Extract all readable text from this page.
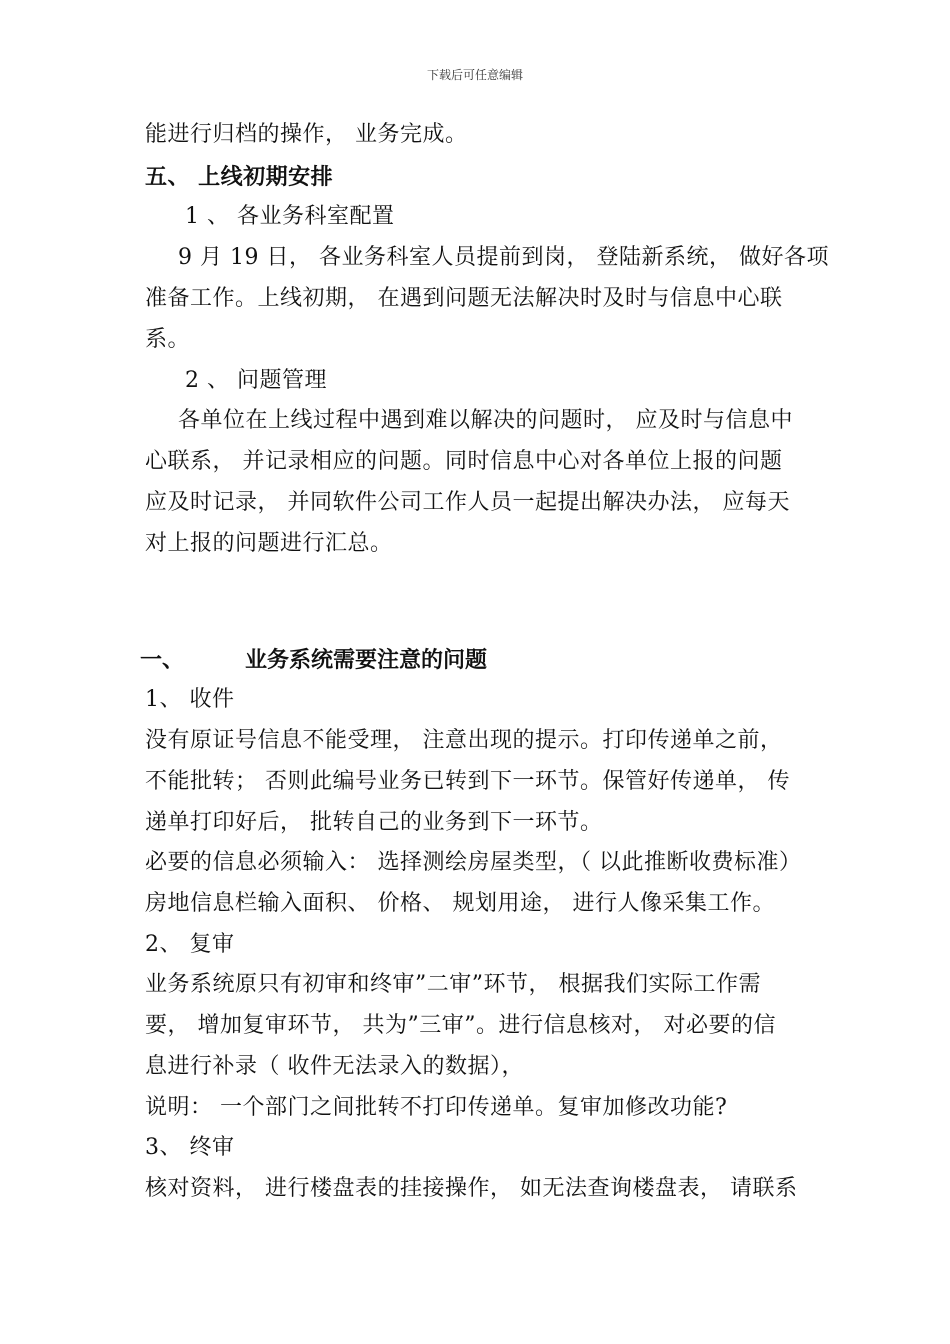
下载后可任意编辑
能进行归档的操作， 业务完成。
五、 上线初期安排
1 、 各业务科室配置
9 月 19 日， 各业务科室人员提前到岗， 登陆新系统， 做好各项
准备工作。上线初期， 在遇到问题无法解决时及时与信息中心联
系。
2 、 问题管理
各单位在上线过程中遇到难以解决的问题时， 应及时与信息中
心联系， 并记录相应的问题。同时信息中心对各单位上报的问题
应及时记录， 并同软件公司工作人员一起提出解决办法， 应每天
对上报的问题进行汇总。
一、	业务系统需要注意的问题
1、 收件
没有原证号信息不能受理， 注意出现的提示。打印传递单之前，
不能批转； 否则此编号业务已转到下一环节。保管好传递单， 传
递单打印好后， 批转自己的业务到下一环节。
必要的信息必须输入： 选择测绘房屋类型，（ 以此推断收费标准）
房地信息栏输入面积、 价格、 规划用途， 进行人像采集工作。
2、 复审
业务系统原只有初审和终审”二审”环节， 根据我们实际工作需
要， 增加复审环节， 共为”三审”。进行信息核对， 对必要的信
息进行补录（ 收件无法录入的数据），
说明： 一个部门之间批转不打印传递单。复审加修改功能?
3、 终审
核对资料， 进行楼盘表的挂接操作， 如无法查询楼盘表， 请联系
